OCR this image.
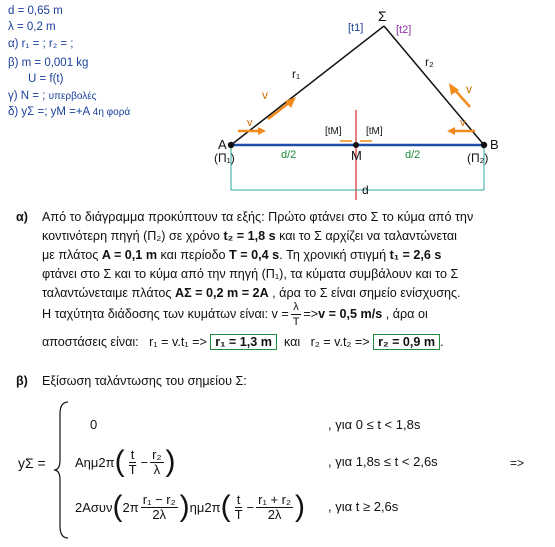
d = 0,65 m
λ = 0,2 m
α) r₁ = ; r₂ = ;
β) m = 0,001 kg
U = f(t)
γ) N = ; υπερβολές
δ) yΣ =; yΜ =+A 4η φορά
Σ
[t1]	[t2]
r₁
r₂
v	v
v	v
A	B
M
[tM] [tM]
(Π₁)	(Π₂)
d/2	d/2
d
α) Από το διάγραμμα προκύπτουν τα εξής: Πρώτο φτάνει στο Σ το κύμα από την
κοντινότερη πηγή (Π₂) σε χρόνο t₂ = 1,8 s και το Σ αρχίζει να ταλαντώνεται
με πλάτος A = 0,1 m και περίοδο T = 0,4 s. Τη χρονική στιγμή t₁ = 2,6 s
φτάνει στο Σ και το κύμα από την πηγή (Π₁), τα κύματα συμβάλουν και το Σ
ταλαντώνεταιμε πλάτος AΣ = 0,2 m = 2A , άρα το Σ είναι σημείο ενίσχυσης.
Η ταχύτητα διάδοσης των κυμάτων είναι: $v = \frac{\lambda}{T} => v = 0,5$ m/s , άρα οι
αποστάσεις είναι:   r₁ = v.t₁ => r₁ = 1,3 m  και   r₂ = v.t₂ => r₂ = 0,9 m .
β) Εξίσωση ταλάντωσης του σημείου Σ:
yΣ =
0	, για 0 ≤ t < 1,8s
Aημ2π ( $\frac{t}{T} - \frac{\text{r₂}}{\lambda}$ )	, για 1,8s ≤ t < 2,6s	=>
2Aσυν ( $2\pi \frac{\text{r₁ − r₂}}{2\lambda}$ ) ημ2π ( $\frac{t}{T} - \frac{\text{r₁ + r₂}}{2\lambda}$ ) , για t ≥ 2,6s
